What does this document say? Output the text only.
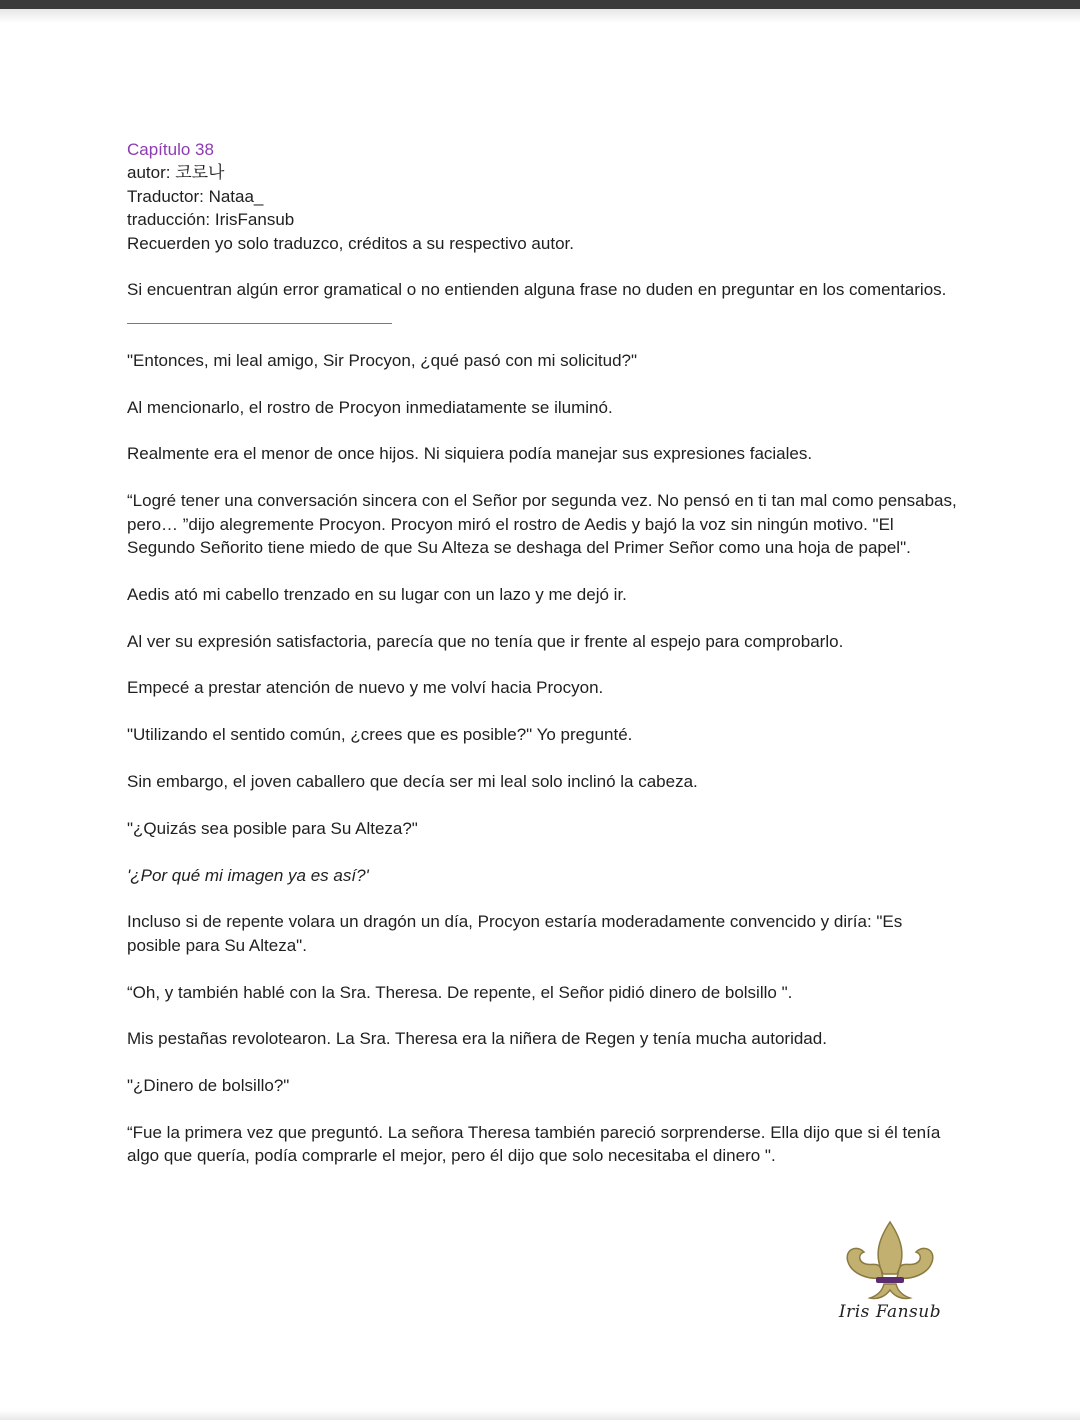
Capítulo 38

autor: 코로나

Traductor: Nataa_

traducción: IrisFansub

Recuerden yo solo traduzco, créditos a su respectivo autor.

Si encuentran algún error gramatical o no entienden alguna frase no duden en preguntar en los comentarios.

"Entonces, mi leal amigo, Sir Procyon, ¿qué pasó con mi solicitud?"

Al mencionarlo, el rostro de Procyon inmediatamente se iluminó.

Realmente era el menor de once hijos. Ni siquiera podía manejar sus expresiones faciales.

“Logré tener una conversación sincera con el Señor por segunda vez. No pensó en ti tan mal como pensabas, pero… ”dijo alegremente Procyon. Procyon miró el rostro de Aedis y bajó la voz sin ningún motivo. "El Segundo Señorito tiene miedo de que Su Alteza se deshaga del Primer Señor como una hoja de papel".

Aedis ató mi cabello trenzado en su lugar con un lazo y me dejó ir.

Al ver su expresión satisfactoria, parecía que no tenía que ir frente al espejo para comprobarlo.

Empecé a prestar atención de nuevo y me volví hacia Procyon.

"Utilizando el sentido común, ¿crees que es posible?" Yo pregunté.

Sin embargo, el joven caballero que decía ser mi leal solo inclinó la cabeza.

"¿Quizás sea posible para Su Alteza?"

'¿Por qué mi imagen ya es así?'

Incluso si de repente volara un dragón un día, Procyon estaría moderadamente convencido y diría: "Es posible para Su Alteza".

“Oh, y también hablé con la Sra. Theresa. De repente, el Señor pidió dinero de bolsillo ".

Mis pestañas revolotearon. La Sra. Theresa era la niñera de Regen y tenía mucha autoridad.

"¿Dinero de bolsillo?"

“Fue la primera vez que preguntó. La señora Theresa también pareció sorprenderse. Ella dijo que si él tenía algo que quería, podía comprarle el mejor, pero él dijo que solo necesitaba el dinero ".

Iris Fansub
